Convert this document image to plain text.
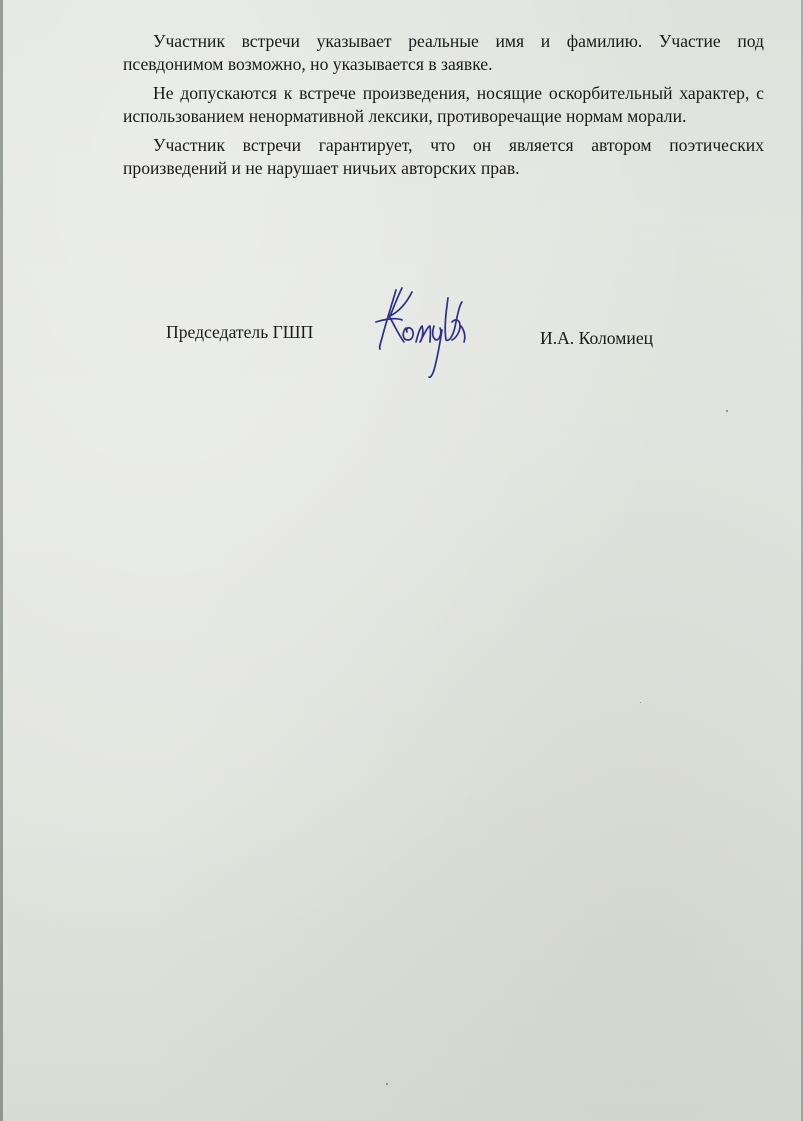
Участник встречи указывает реальные имя и фамилию. Участие под псевдонимом возможно, но указывается в заявке.

Не допускаются к встрече произведения, носящие оскорбительный характер, с использованием ненормативной лексики, противоречащие нормам морали.

Участник встречи гарантирует, что он является автором поэтических произведений и не нарушает ничьих авторских прав.

Председатель ГШП	И.А. Коломиец
